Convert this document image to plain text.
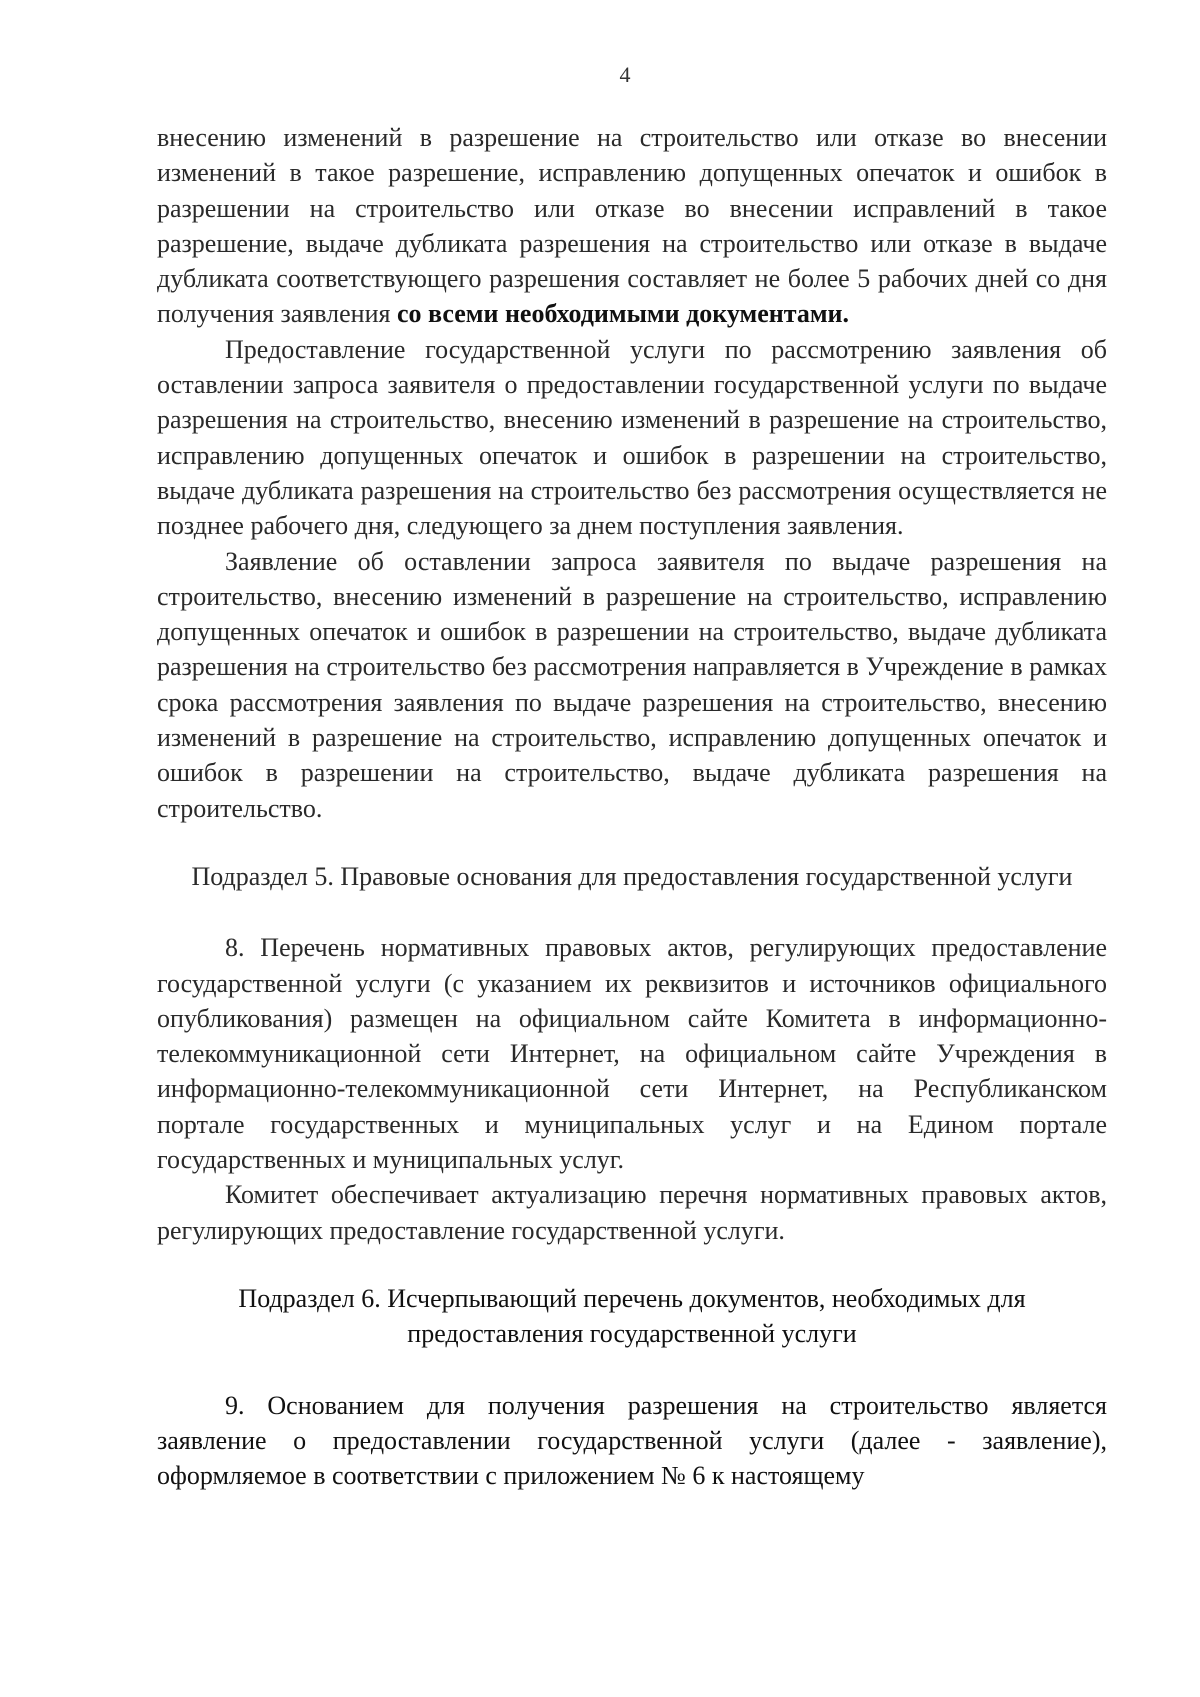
4

внесению изменений в разрешение на строительство или отказе во внесении изменений в такое разрешение, исправлению допущенных опечаток и ошибок в разрешении на строительство или отказе во внесении исправлений в такое разрешение, выдаче дубликата разрешения на строительство или отказе в выдаче дубликата соответствующего разрешения составляет не более 5 рабочих дней со дня получения заявления со всеми необходимыми документами.

Предоставление государственной услуги по рассмотрению заявления об оставлении запроса заявителя о предоставлении государственной услуги по выдаче разрешения на строительство, внесению изменений в разрешение на строительство, исправлению допущенных опечаток и ошибок в разрешении на строительство, выдаче дубликата разрешения на строительство без рассмотрения осуществляется не позднее рабочего дня, следующего за днем поступления заявления.

Заявление об оставлении запроса заявителя по выдаче разрешения на строительство, внесению изменений в разрешение на строительство, исправлению допущенных опечаток и ошибок в разрешении на строительство, выдаче дубликата разрешения на строительство без рассмотрения направляется в Учреждение в рамках срока рассмотрения заявления по выдаче разрешения на строительство, внесению изменений в разрешение на строительство, исправлению допущенных опечаток и ошибок в разрешении на строительство, выдаче дубликата разрешения на строительство.

Подраздел 5. Правовые основания для предоставления государственной услуги

8. Перечень нормативных правовых актов, регулирующих предоставление государственной услуги (с указанием их реквизитов и источников официального опубликования) размещен на официальном сайте Комитета в информационно-телекоммуникационной сети Интернет, на официальном сайте Учреждения в информационно-телекоммуникационной сети Интернет, на Республиканском портале государственных и муниципальных услуг и на Едином портале государственных и муниципальных услуг.

Комитет обеспечивает актуализацию перечня нормативных правовых актов, регулирующих предоставление государственной услуги.

Подраздел 6. Исчерпывающий перечень документов, необходимых для предоставления государственной услуги

9. Основанием для получения разрешения на строительство является заявление о предоставлении государственной услуги (далее - заявление), оформляемое в соответствии с приложением № 6 к настоящему
